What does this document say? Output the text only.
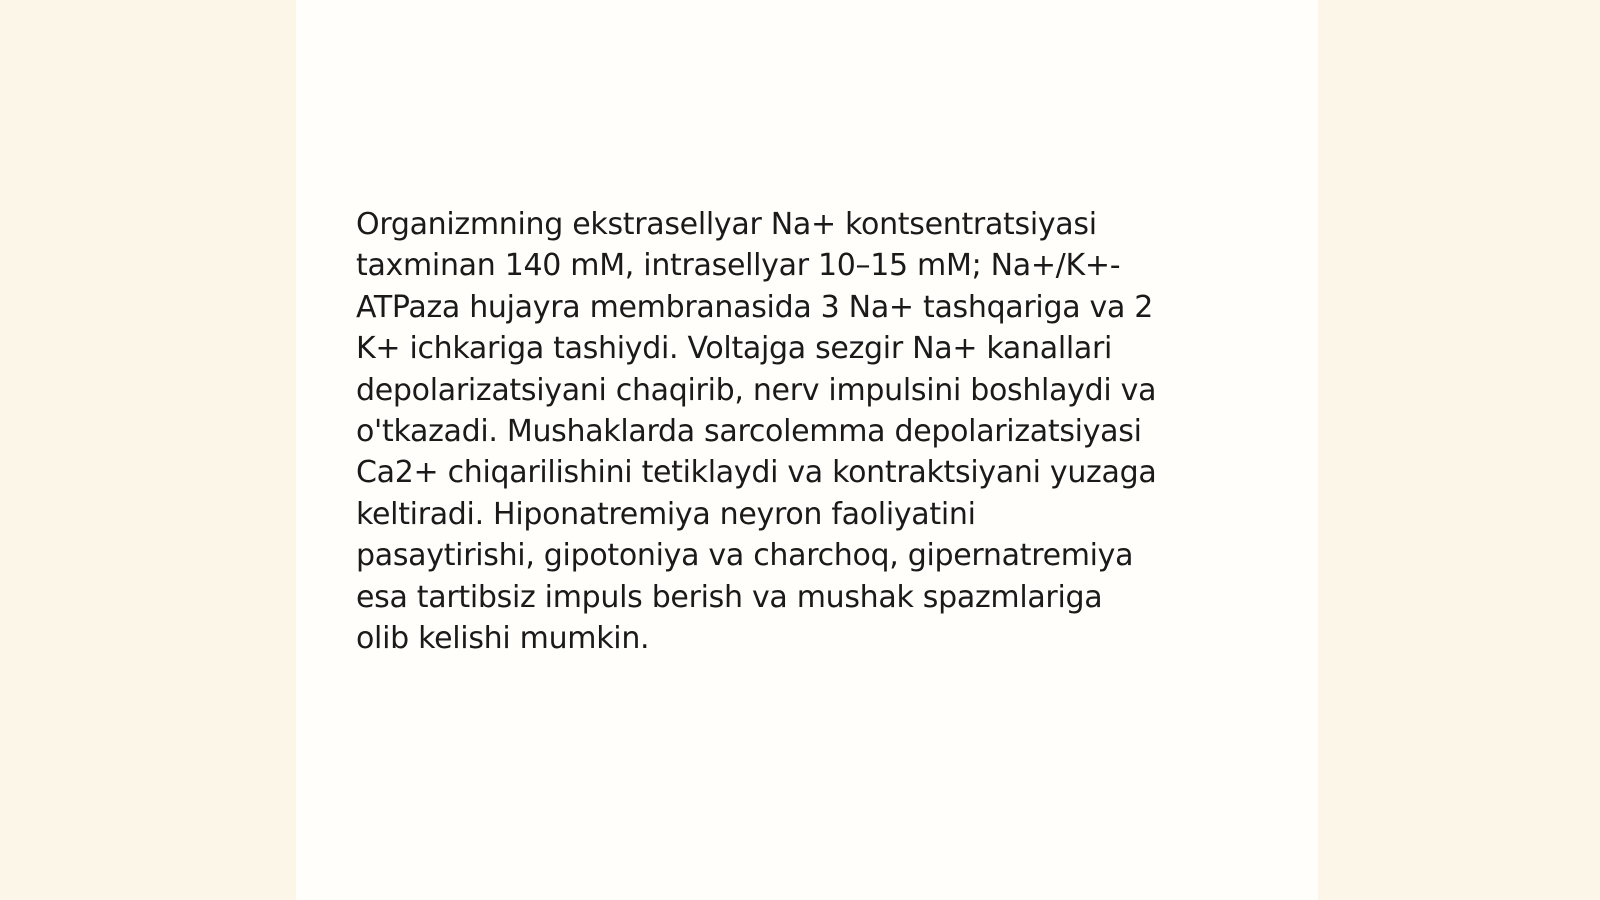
Organizmning ekstrasellyar Na+ kontsentratsiyasi
taxminan 140 mM, intrasellyar 10–15 mM; Na+/K+-
ATPaza hujayra membranasida 3 Na+ tashqariga va 2
K+ ichkariga tashiydi. Voltajga sezgir Na+ kanallari
depolarizatsiyani chaqirib, nerv impulsini boshlaydi va
o'tkazadi. Mushaklarda sarcolemma depolarizatsiyasi
Ca2+ chiqarilishini tetiklaydi va kontraktsiyani yuzaga
keltiradi. Hiponatremiya neyron faoliyatini
pasaytirishi, gipotoniya va charchoq, gipernatremiya
esa tartibsiz impuls berish va mushak spazmlariga
olib kelishi mumkin.
